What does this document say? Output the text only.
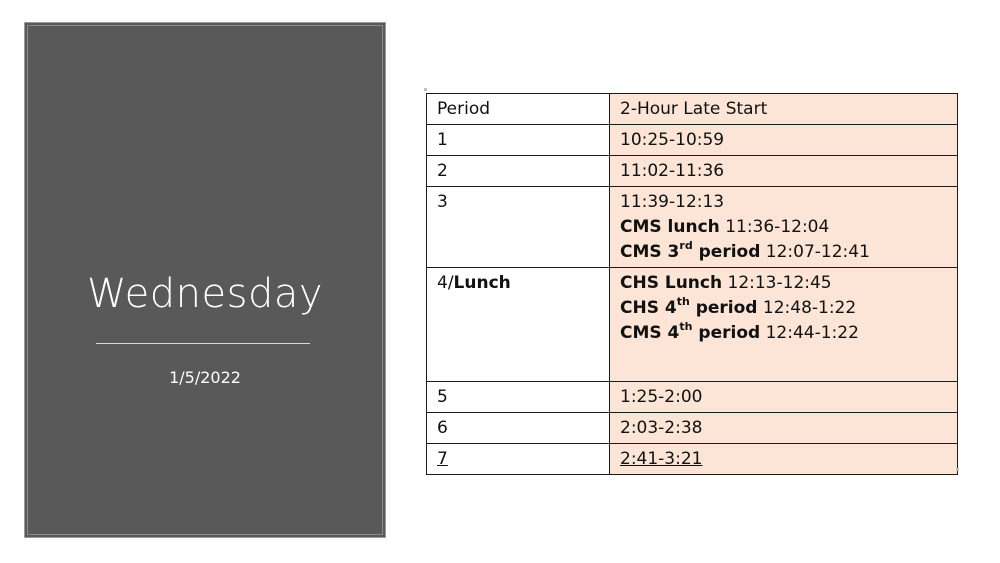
Wednesday
1/5/2022
Period	2-Hour Late Start
1	10:25-10:59
2	11:02-11:36
3	11:39-12:13
CMS lunch 11:36-12:04
CMS 3rd period 12:07-12:41

4/Lunch	CHS Lunch 12:13-12:45
CHS 4th period 12:48-1:22
CMS 4th period 12:44-1:22

5	1:25-2:00
6	2:03-2:38
7	2:41-3:21
